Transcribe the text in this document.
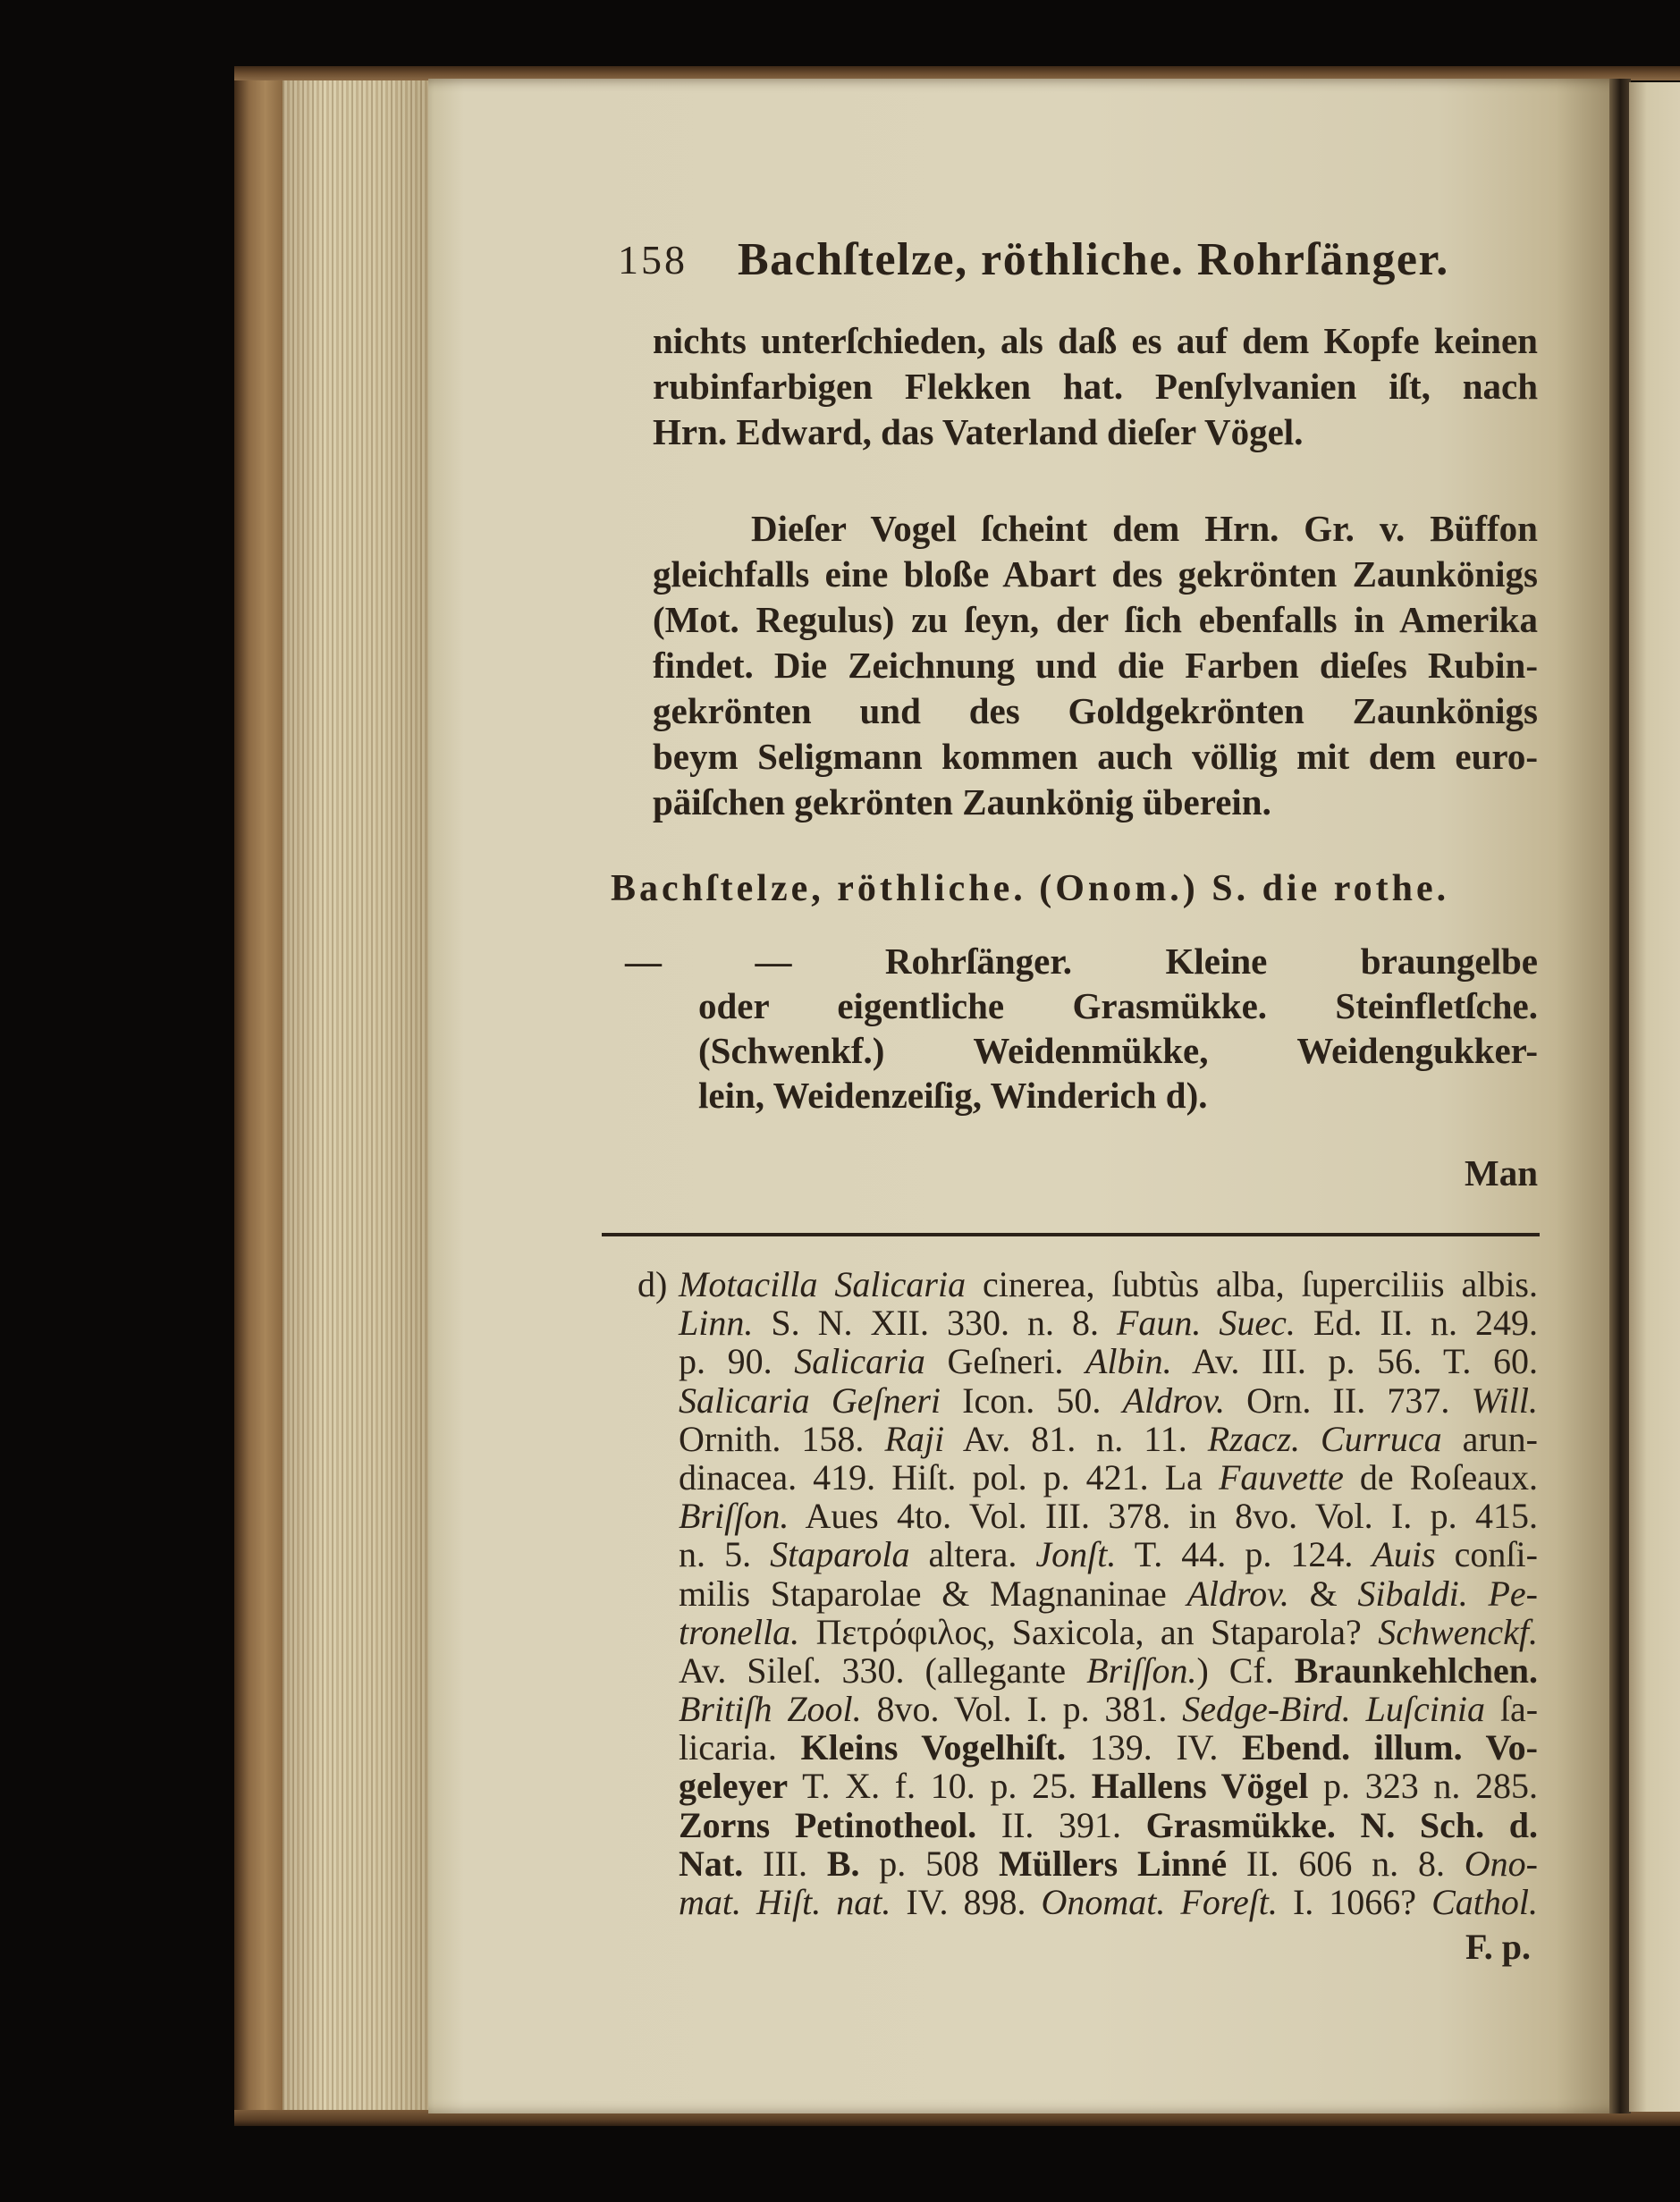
158 Bachſtelze, röthliche. Rohrſänger.
nichts unterſchieden, als daß es auf dem Kopfe keinen
rubinfarbigen Flekken hat. Penſylvanien iſt, nach
Hrn. Edward, das Vaterland dieſer Vögel.
Dieſer Vogel ſcheint dem Hrn. Gr. v. Büffon
gleichfalls eine bloße Abart des gekrönten Zaunkönigs
(Mot. Regulus) zu ſeyn, der ſich ebenfalls in Amerika
findet. Die Zeichnung und die Farben dieſes Rubin-
gekrönten und des Goldgekrönten Zaunkönigs
beym Seligmann kommen auch völlig mit dem euro-
päiſchen gekrönten Zaunkönig überein.
Bachſtelze, röthliche. (Onom.) S. die rothe.
— — Rohrſänger. Kleine braungelbe
oder eigentliche Grasmükke. Steinfletſche.
(Schwenkf.) Weidenmükke, Weidengukker-
lein, Weidenzeiſig, Winderich d).
Man
d) Motacilla Salicaria cinerea, ſubtùs alba, ſuperciliis albis.
Linn. S. N. XII. 330. n. 8. Faun. Suec. Ed. II. n. 249.
p. 90. Salicaria Geſneri. Albin. Av. III. p. 56. T. 60.
Salicaria Geſneri Icon. 50. Aldrov. Orn. II. 737. Will.
Ornith. 158. Raji Av. 81. n. 11. Rzacz. Curruca arun-
dinacea. 419. Hiſt. pol. p. 421. La Fauvette de Roſeaux.
Briſſon. Aues 4to. Vol. III. 378. in 8vo. Vol. I. p. 415.
n. 5. Staparola altera. Jonſt. T. 44. p. 124. Auis conſi-
milis Staparolae & Magnaninae Aldrov. & Sibaldi. Pe-
tronella. Πετρόφιλος, Saxicola, an Staparola? Schwenckf.
Av. Sileſ. 330. (allegante Briſſon.) Cf. Braunkehlchen.
Britiſh Zool. 8vo. Vol. I. p. 381. Sedge-Bird. Luſcinia ſa-
licaria. Kleins Vogelhiſt. 139. IV. Ebend. illum. Vo-
geleyer T. X. f. 10. p. 25. Hallens Vögel p. 323 n. 285.
Zorns Petinotheol. II. 391. Grasmükke. N. Sch. d.
Nat. III. B. p. 508 Müllers Linné II. 606 n. 8. Ono-
mat. Hiſt. nat. IV. 898. Onomat. Foreſt. I. 1066? Cathol.
F. p.
